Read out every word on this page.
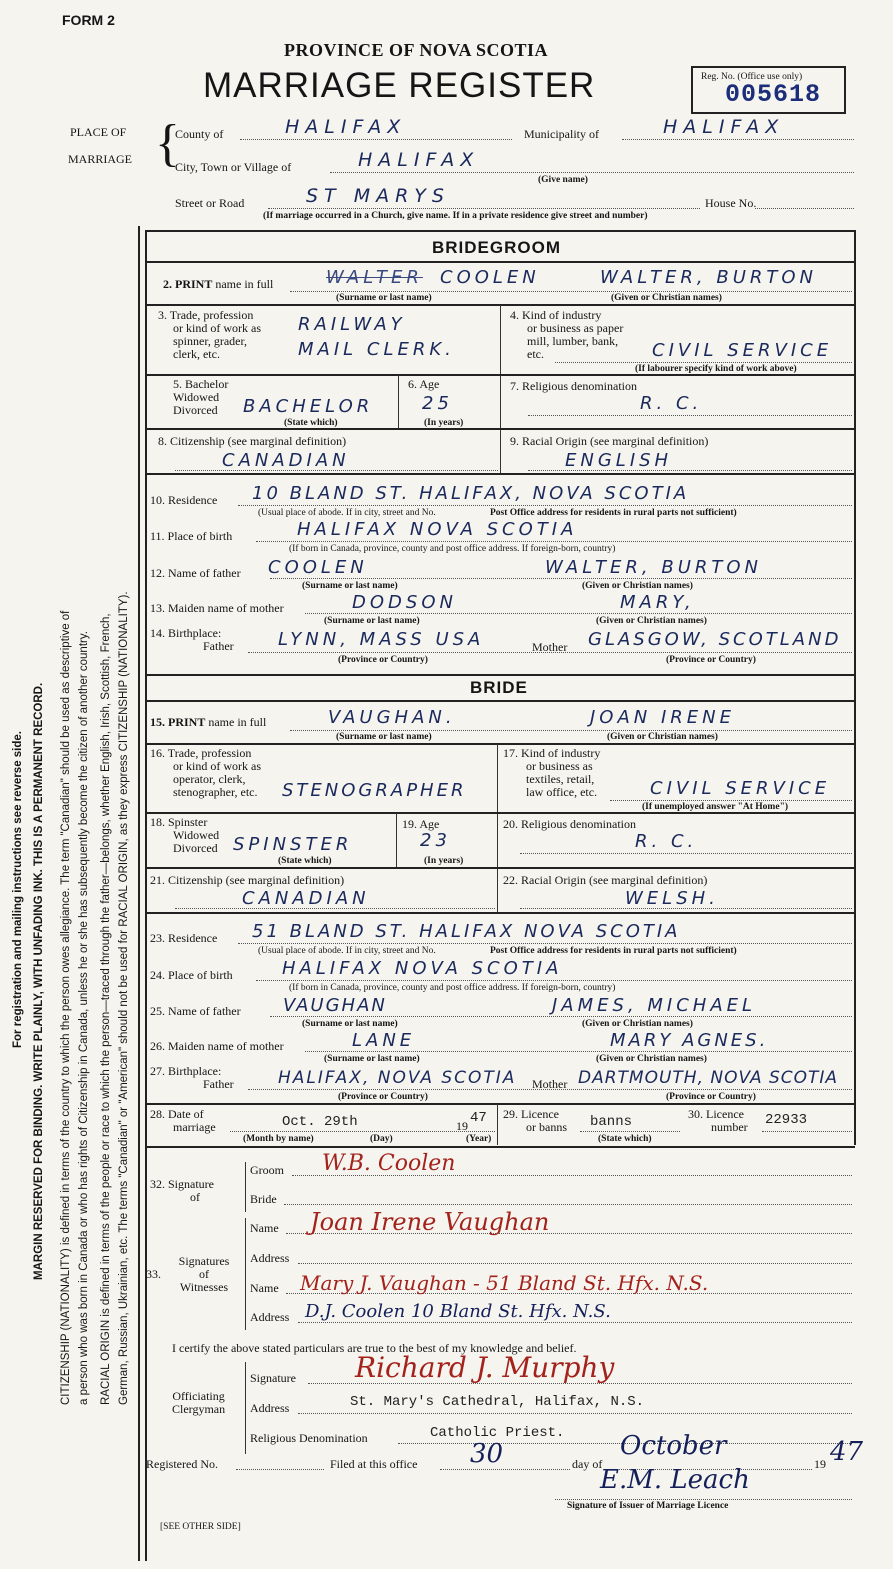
FORM 2
PROVINCE OF NOVA SCOTIA
MARRIAGE REGISTER	Reg. No. (Office use only)
005618
PLACE OF
MARRIAGE {
County of	HALIFAX	Municipality of	HALIFAX
City, Town or Village of	HALIFAX
(Give name)
Street or Road	ST MARYS	House No.
(If marriage occurred in a Church, give name. If in a private residence give street and number)
For registration and mailing instructions see reverse side. MARGIN RESERVED FOR BINDING. WRITE PLAINLY, WITH UNFADING INK. THIS IS A PERMANENT RECORD. CITIZENSHIP (NATIONALITY) is defined in terms of the country to which the person owes allegiance. The term "Canadian" should be used as descriptive of a person who was born in Canada or who has rights of Citizenship in Canada, unless he or she has subsequently become the citizen of another country. RACIAL ORIGIN is defined in terms of the people or race to which the person—traced through the father—belongs, whether English, Irish, Scottish, French, German, Russian, Ukrainian, etc. The terms "Canadian" or "American" should not be used for RACIAL ORIGIN, as they express CITIZENSHIP (NATIONALITY).
BRIDEGROOM
2. PRINT name in full	WALTER COOLEN	WALTER, BURTON
(Surname or last name)	(Given or Christian names)
3. Trade, profession
or kind of work as
spinner, grader,
clerk, etc.
RAILWAY
MAIL CLERK.
4. Kind of industry
or business as paper
mill, lumber, bank,
etc.	CIVIL SERVICE
(If labourer specify kind of work above)
5. Bachelor
Widowed
Divorced	BACHELOR
(State which)
6. Age
25
(In years)
7. Religious denomination
R. C.
8. Citizenship (see marginal definition)
CANADIAN
9. Racial Origin (see marginal definition)
ENGLISH
10. Residence 10 BLAND ST. HALIFAX, NOVA SCOTIA
(Usual place of abode. If in city, street and No.	Post Office address for residents in rural parts not sufficient)
11. Place of birth	HALIFAX NOVA SCOTIA
(If born in Canada, province, county and post office address. If foreign-born, country)
12. Name of father COOLEN	WALTER, BURTON
(Surname or last name)	(Given or Christian names)
13. Maiden name of mother	DODSON	MARY,
(Surname or last name)	(Given or Christian names)
14. Birthplace:
Father LYNN, MASS USA	Mother GLASGOW, SCOTLAND
(Province or Country)	(Province or Country)
BRIDE
15. PRINT name in full	VAUGHAN.	JOAN IRENE
(Surname or last name)	(Given or Christian names)
16. Trade, profession
or kind of work as
operator, clerk,
stenographer, etc. STENOGRAPHER
17. Kind of industry
or business as
textiles, retail,
law office, etc.	CIVIL SERVICE
(If unemployed answer "At Home")
18. Spinster
Widowed
Divorced SPINSTER
(State which)
19. Age
23
(In years)
20. Religious denomination
R. C.
21. Citizenship (see marginal definition)
CANADIAN
22. Racial Origin (see marginal definition)
WELSH.
23. Residence 51 BLAND ST. HALIFAX NOVA SCOTIA
(Usual place of abode. If in city, street and No.	Post Office address for residents in rural parts not sufficient)
24. Place of birth	HALIFAX NOVA SCOTIA
(If born in Canada, province, county and post office address. If foreign-born, country)
25. Name of father VAUGHAN	JAMES, MICHAEL
(Surname or last name)	(Given or Christian names)
26. Maiden name of mother	LANE	MARY AGNES.
(Surname or last name)	(Given or Christian names)
27. Birthplace:
Father	HALIFAX, NOVA SCOTIA Mother DARTMOUTH, NOVA SCOTIA
(Province or Country)	(Province or Country)
28. Date of
marriage	Oct. 29th	19 47
(Month by name)	(Day)	(Year)
29. Licence
or banns banns
(State which)
30. Licence
number 22933
32. Signature
of
Groom W.B. Coolen
Bride
33.
Signatures
of
Witnesses
Name Joan Irene Vaughan
Address
Name Mary J. Vaughan - 51 Bland St. Hfx. N.S.
Address D.J. Coolen 10 Bland St. Hfx. N.S.
I certify the above stated particulars are true to the best of my knowledge and belief.
Officiating
Clergyman
Signature Richard J. Murphy
Address	St. Mary's Cathedral, Halifax, N.S.
Religious Denomination	Catholic Priest.
Registered No.	Filed at this office 30	day of
October
19 47
E.M. Leach
Signature of Issuer of Marriage Licence
[SEE OTHER SIDE]
